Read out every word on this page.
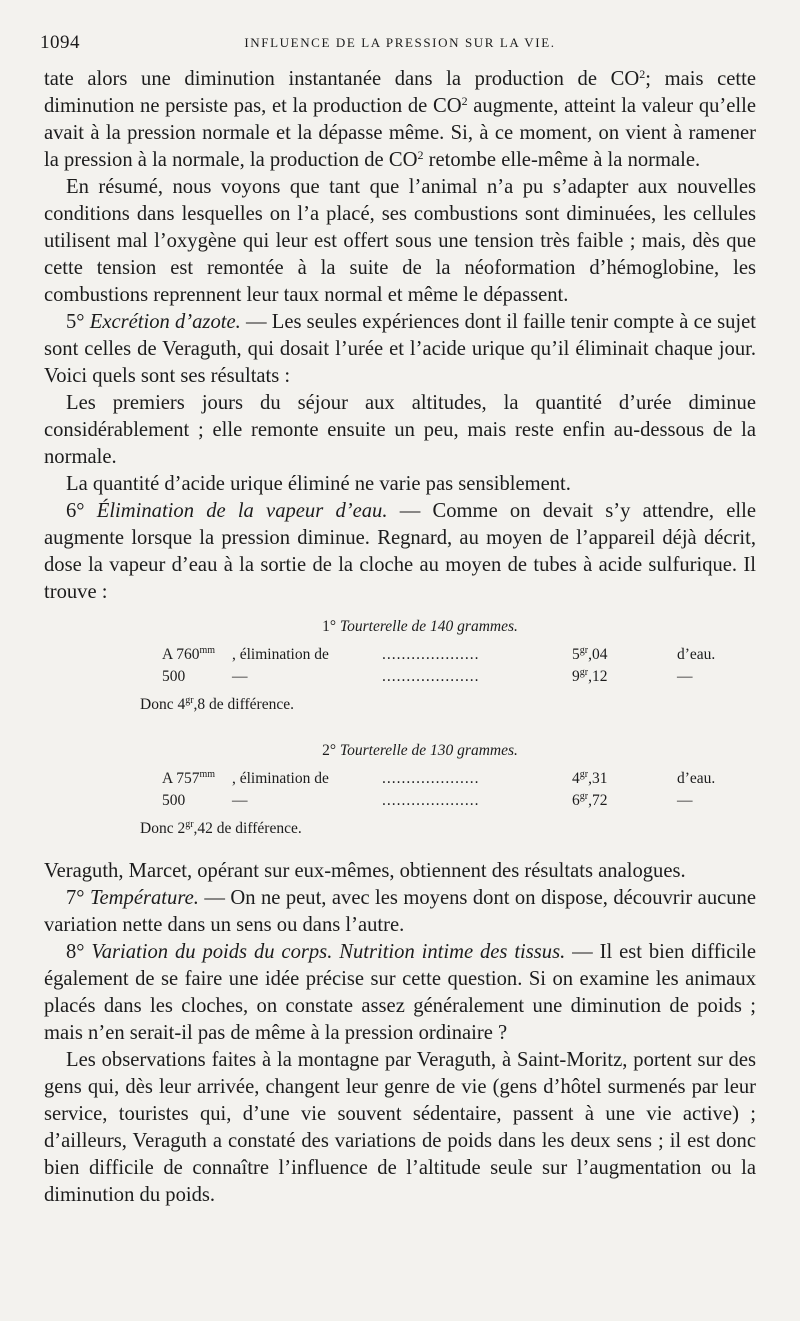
1094	INFLUENCE DE LA PRESSION SUR LA VIE.

tate alors une diminution instantanée dans la production de $CO^2$; mais cette diminution ne persiste pas, et la production de $CO^2$ augmente, atteint la valeur qu’elle avait à la pression normale et la dépasse même. Si, à ce moment, on vient à ramener la pression à la normale, la production de $CO^2$ retombe elle-même à la normale.

En résumé, nous voyons que tant que l’animal n’a pu s’adapter aux nouvelles conditions dans lesquelles on l’a placé, ses combustions sont diminuées, les cellules utilisent mal l’oxygène qui leur est offert sous une tension très faible ; mais, dès que cette tension est remontée à la suite de la néoformation d’hémoglobine, les combustions reprennent leur taux normal et même le dépassent.

5° Excrétion d’azote. — Les seules expériences dont il faille tenir compte à ce sujet sont celles de Veraguth, qui dosait l’urée et l’acide urique qu’il éliminait chaque jour. Voici quels sont ses résultats :

Les premiers jours du séjour aux altitudes, la quantité d’urée diminue considérablement ; elle remonte ensuite un peu, mais reste enfin au-dessous de la normale.

La quantité d’acide urique éliminé ne varie pas sensiblement.

6° Élimination de la vapeur d’eau. — Comme on devait s’y attendre, elle augmente lorsque la pression diminue. Regnard, au moyen de l’appareil déjà décrit, dose la vapeur d’eau à la sortie de la cloche au moyen de tubes à acide sulfurique. Il trouve :

1° Tourterelle de 140 grammes.
A $760^{mm}$	, élimination de	....................	$5^{gr},04$	d’eau.
500	—	....................	$9^{gr},12$	—
Donc $4^{gr},8$ de différence.
2° Tourterelle de 130 grammes.
A $757^{mm}$	, élimination de	....................	$4^{gr},31$	d’eau.
500	—	....................	$6^{gr},72$	—
Donc $2^{gr},42$ de différence.

Veraguth, Marcet, opérant sur eux-mêmes, obtiennent des résultats analogues.

7° Température. — On ne peut, avec les moyens dont on dispose, découvrir aucune variation nette dans un sens ou dans l’autre.

8° Variation du poids du corps. Nutrition intime des tissus. — Il est bien difficile également de se faire une idée précise sur cette question. Si on examine les animaux placés dans les cloches, on constate assez généralement une diminution de poids ; mais n’en serait-il pas de même à la pression ordinaire ?

Les observations faites à la montagne par Veraguth, à Saint-Moritz, portent sur des gens qui, dès leur arrivée, changent leur genre de vie (gens d’hôtel surmenés par leur service, touristes qui, d’une vie souvent sédentaire, passent à une vie active) ; d’ailleurs, Veraguth a constaté des variations de poids dans les deux sens ; il est donc bien difficile de connaître l’influence de l’altitude seule sur l’augmentation ou la diminution du poids.
